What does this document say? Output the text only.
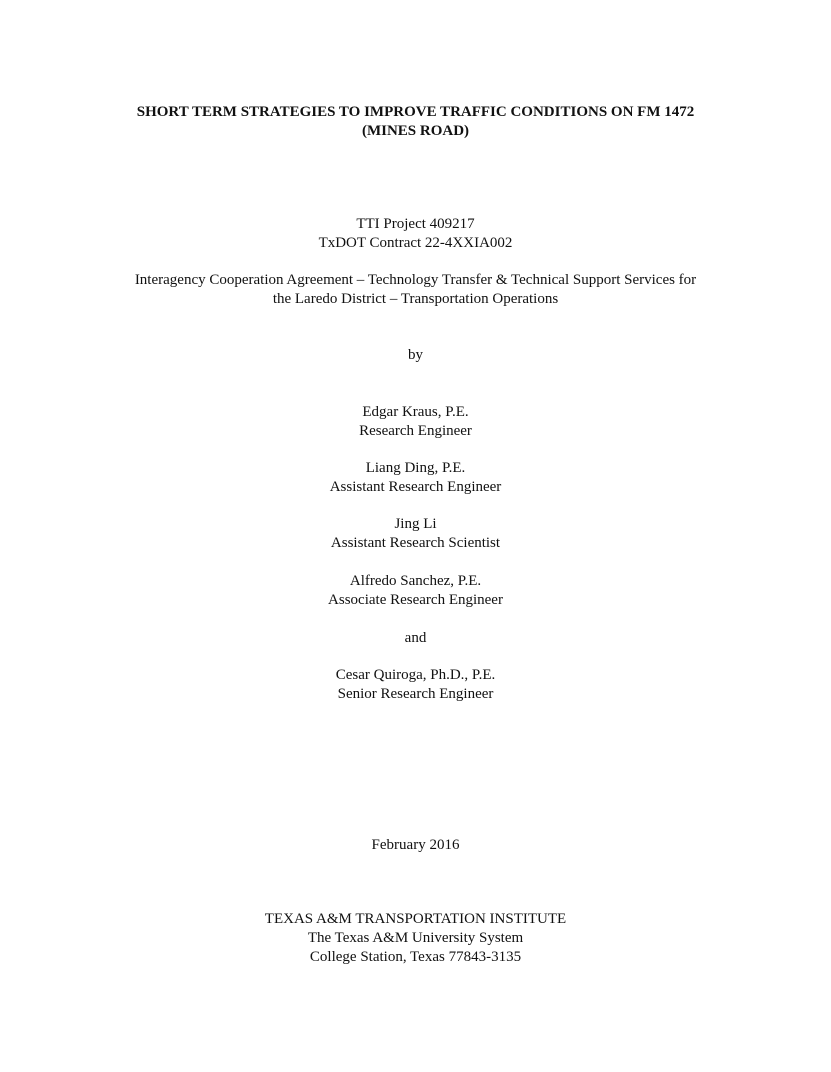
SHORT TERM STRATEGIES TO IMPROVE TRAFFIC CONDITIONS ON FM 1472
(MINES ROAD)
TTI Project 409217
TxDOT Contract 22-4XXIA002
Interagency Cooperation Agreement – Technology Transfer & Technical Support Services for
the Laredo District – Transportation Operations
by
Edgar Kraus, P.E.
Research Engineer
Liang Ding, P.E.
Assistant Research Engineer
Jing Li
Assistant Research Scientist
Alfredo Sanchez, P.E.
Associate Research Engineer
and
Cesar Quiroga, Ph.D., P.E.
Senior Research Engineer
February 2016
TEXAS A&M TRANSPORTATION INSTITUTE
The Texas A&M University System
College Station, Texas 77843-3135
